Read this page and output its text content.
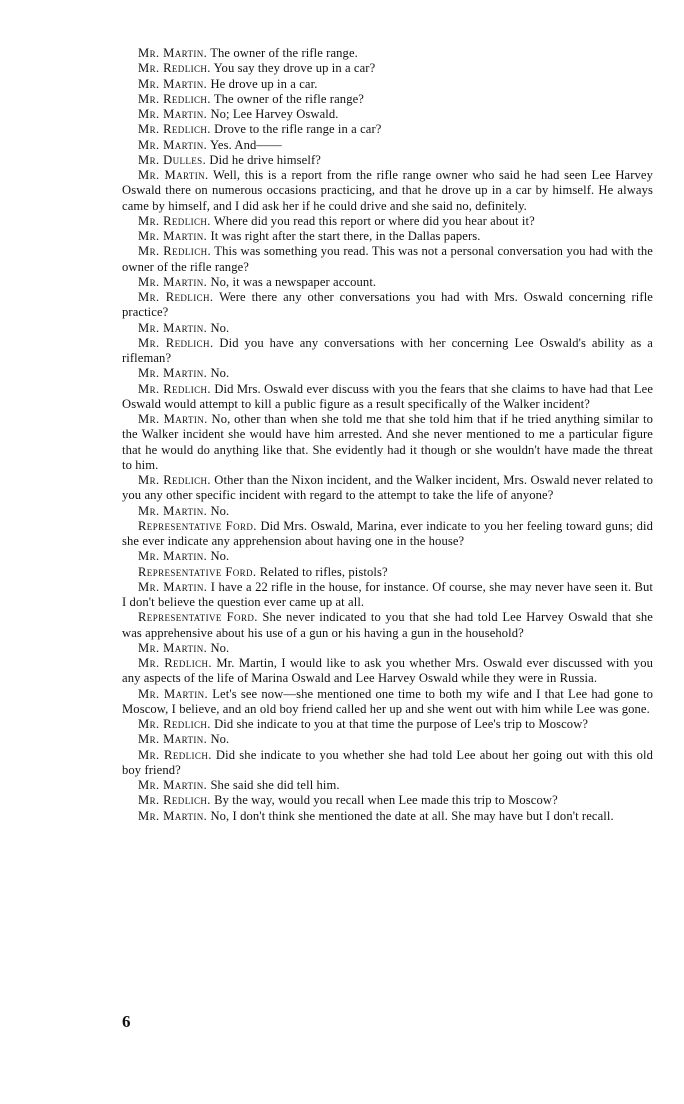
Mr. Martin. The owner of the rifle range.

Mr. Redlich. You say they drove up in a car?

Mr. Martin. He drove up in a car.

Mr. Redlich. The owner of the rifle range?

Mr. Martin. No; Lee Harvey Oswald.

Mr. Redlich. Drove to the rifle range in a car?

Mr. Martin. Yes. And——

Mr. Dulles. Did he drive himself?

Mr. Martin. Well, this is a report from the rifle range owner who said he had seen Lee Harvey Oswald there on numerous occasions practicing, and that he drove up in a car by himself. He always came by himself, and I did ask her if he could drive and she said no, definitely.

Mr. Redlich. Where did you read this report or where did you hear about it?

Mr. Martin. It was right after the start there, in the Dallas papers.

Mr. Redlich. This was something you read. This was not a personal conversation you had with the owner of the rifle range?

Mr. Martin. No, it was a newspaper account.

Mr. Redlich. Were there any other conversations you had with Mrs. Oswald concerning rifle practice?

Mr. Martin. No.

Mr. Redlich. Did you have any conversations with her concerning Lee Oswald's ability as a rifleman?

Mr. Martin. No.

Mr. Redlich. Did Mrs. Oswald ever discuss with you the fears that she claims to have had that Lee Oswald would attempt to kill a public figure as a result specifically of the Walker incident?

Mr. Martin. No, other than when she told me that she told him that if he tried anything similar to the Walker incident she would have him arrested. And she never mentioned to me a particular figure that he would do anything like that. She evidently had it though or she wouldn't have made the threat to him.

Mr. Redlich. Other than the Nixon incident, and the Walker incident, Mrs. Oswald never related to you any other specific incident with regard to the attempt to take the life of anyone?

Mr. Martin. No.

Representative Ford. Did Mrs. Oswald, Marina, ever indicate to you her feeling toward guns; did she ever indicate any apprehension about having one in the house?

Mr. Martin. No.

Representative Ford. Related to rifles, pistols?

Mr. Martin. I have a 22 rifle in the house, for instance. Of course, she may never have seen it. But I don't believe the question ever came up at all.

Representative Ford. She never indicated to you that she had told Lee Harvey Oswald that she was apprehensive about his use of a gun or his having a gun in the household?

Mr. Martin. No.

Mr. Redlich. Mr. Martin, I would like to ask you whether Mrs. Oswald ever discussed with you any aspects of the life of Marina Oswald and Lee Harvey Oswald while they were in Russia.

Mr. Martin. Let's see now—she mentioned one time to both my wife and I that Lee had gone to Moscow, I believe, and an old boy friend called her up and she went out with him while Lee was gone.

Mr. Redlich. Did she indicate to you at that time the purpose of Lee's trip to Moscow?

Mr. Martin. No.

Mr. Redlich. Did she indicate to you whether she had told Lee about her going out with this old boy friend?

Mr. Martin. She said she did tell him.

Mr. Redlich. By the way, would you recall when Lee made this trip to Moscow?

Mr. Martin. No, I don't think she mentioned the date at all. She may have but I don't recall.

6
